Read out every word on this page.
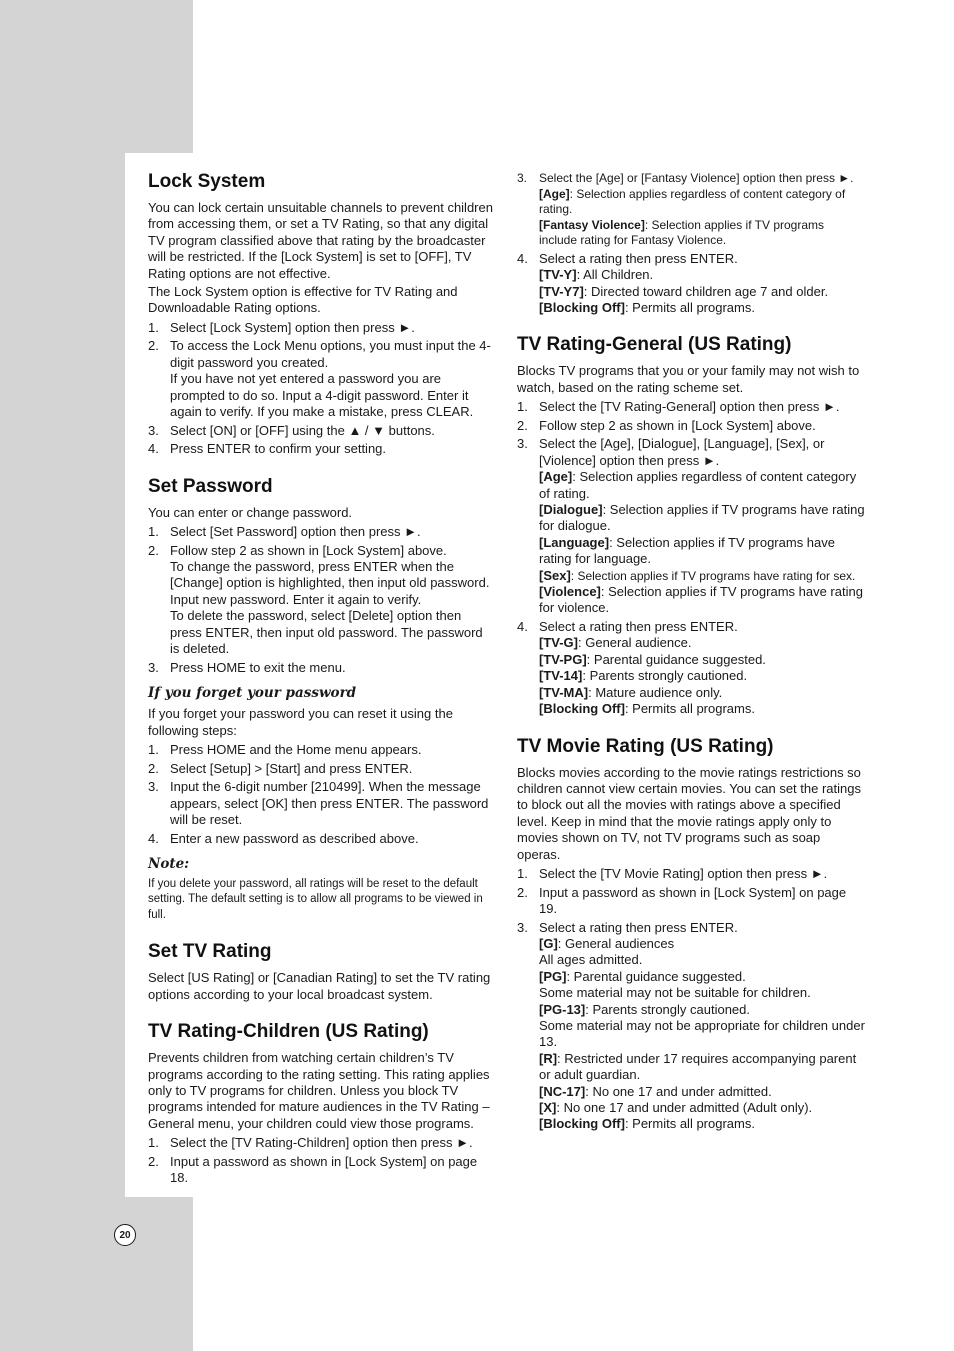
20
Lock System

You can lock certain unsuitable channels to prevent children from accessing them, or set a TV Rating, so that any digital TV program classified above that rating by the broadcaster will be restricted. If the [Lock System] is set to [OFF], TV Rating options are not effective.

The Lock System option is effective for TV Rating and Downloadable Rating options.

1. Select [Lock System] option then press ►.
2. To access the Lock Menu options, you must input the 4-digit password you created.
If you have not yet entered a password you are prompted to do so. Input a 4-digit password. Enter it again to verify. If you make a mistake, press CLEAR.
3. Select [ON] or [OFF] using the ▲ / ▼ buttons.
4. Press ENTER to confirm your setting.
Set Password

You can enter or change password.

1. Select [Set Password] option then press ►.
2. Follow step 2 as shown in [Lock System] above.
To change the password, press ENTER when the [Change] option is highlighted, then input old password. Input new password. Enter it again to verify.
To delete the password, select [Delete] option then press ENTER, then input old password. The password is deleted.
3. Press HOME to exit the menu.
If you forget your password

If you forget your password you can reset it using the following steps:

1. Press HOME and the Home menu appears.
2. Select [Setup] > [Start] and press ENTER.
3. Input the 6-digit number [210499]. When the message appears, select [OK] then press ENTER. The password will be reset.
4. Enter a new password as described above.
Note:

If you delete your password, all ratings will be reset to the default setting. The default setting is to allow all programs to be viewed in full.

Set TV Rating

Select [US Rating] or [Canadian Rating] to set the TV rating options according to your local broadcast system.

TV Rating-Children (US Rating)

Prevents children from watching certain children’s TV programs according to the rating setting. This rating applies only to TV programs for children. Unless you block TV programs intended for mature audiences in the TV Rating – General menu, your children could view those programs.

1. Select the [TV Rating-Children] option then press ►.
2. Input a password as shown in [Lock System] on page 18.
3. Select the [Age] or [Fantasy Violence] option then press ►.
[Age]: Selection applies regardless of content category of rating.
[Fantasy Violence]: Selection applies if TV programs include rating for Fantasy Violence.
4. Select a rating then press ENTER.
[TV-Y]: All Children.
[TV-Y7]: Directed toward children age 7 and older.
[Blocking Off]: Permits all programs.
TV Rating-General (US Rating)

Blocks TV programs that you or your family may not wish to watch, based on the rating scheme set.

1. Select the [TV Rating-General] option then press ►.
2. Follow step 2 as shown in [Lock System] above.
3. Select the [Age], [Dialogue], [Language], [Sex], or [Violence] option then press ►.
[Age]: Selection applies regardless of content category of rating.
[Dialogue]: Selection applies if TV programs have rating for dialogue.
[Language]: Selection applies if TV programs have rating for language.
[Sex]: Selection applies if TV programs have rating for sex.
[Violence]: Selection applies if TV programs have rating for violence.
4. Select a rating then press ENTER.
[TV-G]: General audience.
[TV-PG]: Parental guidance suggested.
[TV-14]: Parents strongly cautioned.
[TV-MA]: Mature audience only.
[Blocking Off]: Permits all programs.
TV Movie Rating (US Rating)

Blocks movies according to the movie ratings restrictions so children cannot view certain movies. You can set the ratings to block out all the movies with ratings above a specified level. Keep in mind that the movie ratings apply only to movies shown on TV, not TV programs such as soap operas.

1. Select the [TV Movie Rating] option then press ►.
2. Input a password as shown in [Lock System] on page 19.
3. Select a rating then press ENTER.
[G]: General audiences
All ages admitted.
[PG]: Parental guidance suggested.
Some material may not be suitable for children.
[PG-13]: Parents strongly cautioned.
Some material may not be appropriate for children under 13.
[R]: Restricted under 17 requires accompanying parent or adult guardian.
[NC-17]: No one 17 and under admitted.
[X]: No one 17 and under admitted (Adult only).
[Blocking Off]: Permits all programs.
